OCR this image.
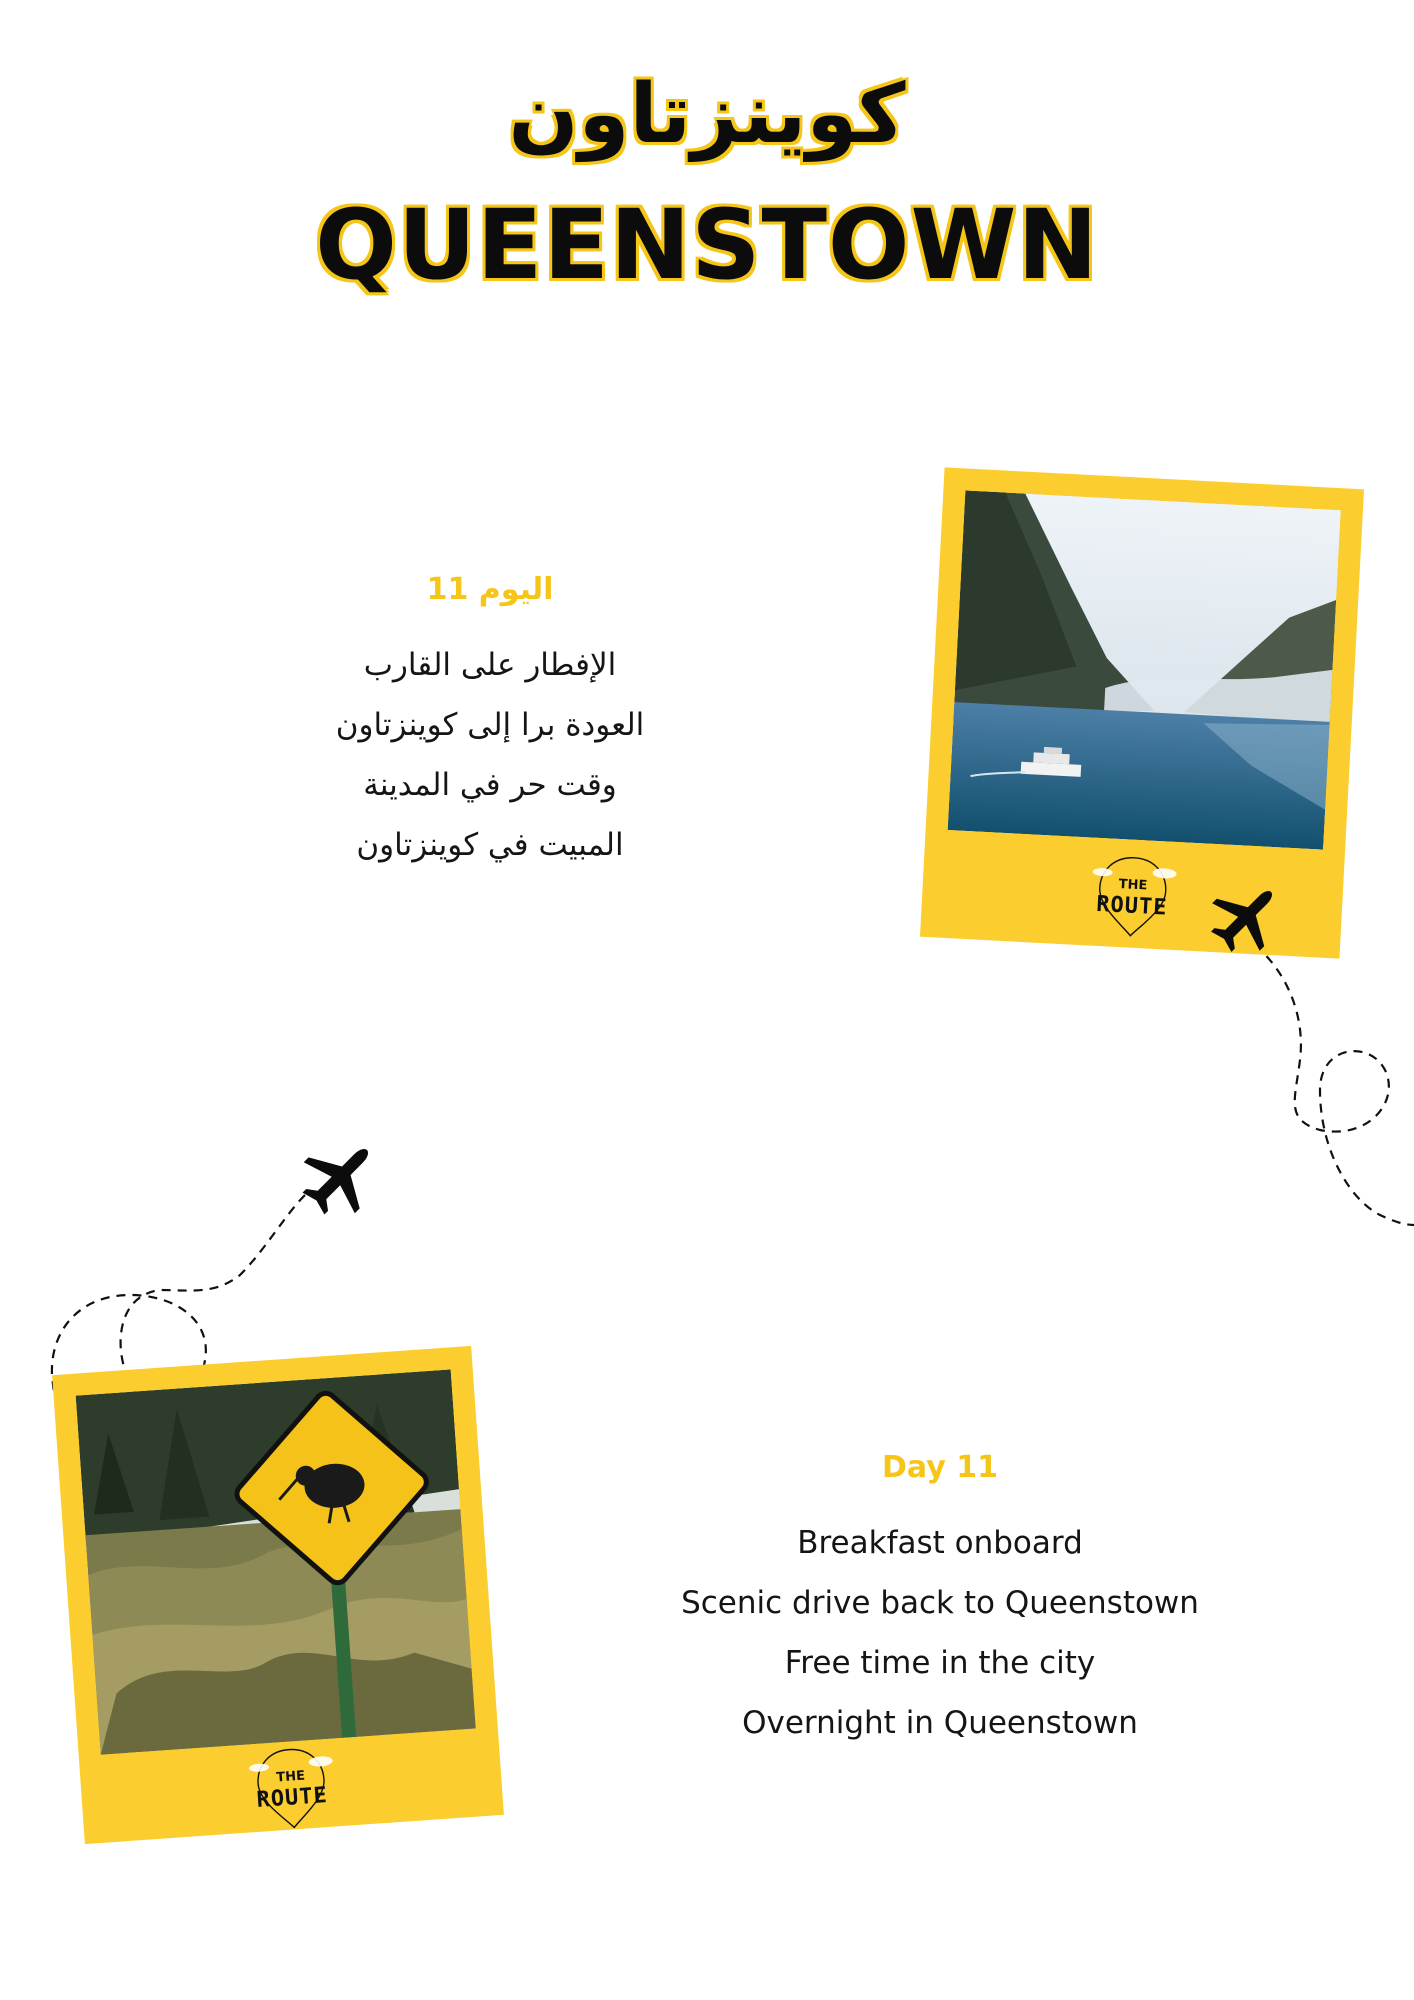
كوينزتاون
QUEENSTOWN
اليوم 11
الإفطار على القارب
العودة برا إلى كوينزتاون
وقت حر في المدينة
المبيت في كوينزتاون
Day 11
Breakfast onboard
Scenic drive back to Queenstown
Free time in the city
Overnight in Queenstown
THE
ROUTE
THE
ROUTE
